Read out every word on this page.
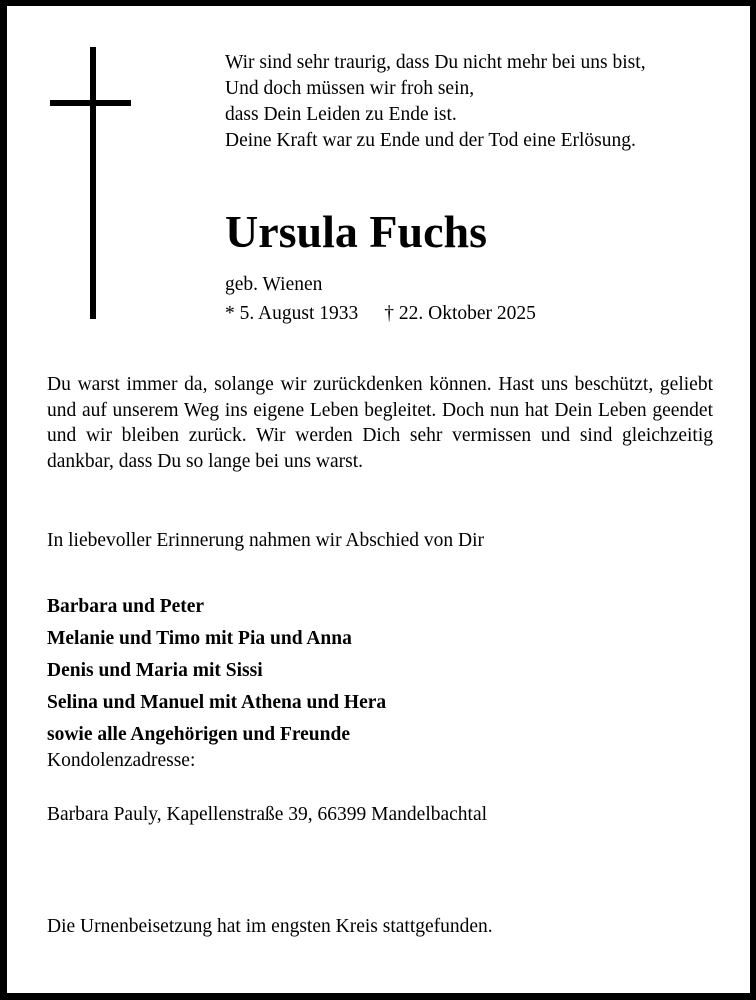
Wir sind sehr traurig, dass Du nicht mehr bei uns bist,
Und doch müssen wir froh sein,
dass Dein Leiden zu Ende ist.
Deine Kraft war zu Ende und der Tod eine Erlösung.
Ursula Fuchs
geb. Wienen
* 5. August 1933 † 22. Oktober 2025
Du warst immer da, solange wir zurückdenken können. Hast uns beschützt, geliebt und auf unserem Weg ins eigene Leben begleitet. Doch nun hat Dein Leben geendet und wir bleiben zurück. Wir werden Dich sehr vermissen und sind gleichzeitig dankbar, dass Du so lange bei uns warst.
In liebevoller Erinnerung nahmen wir Abschied von Dir
Barbara und Peter
Melanie und Timo mit Pia und Anna
Denis und Maria mit Sissi
Selina und Manuel mit Athena und Hera
sowie alle Angehörigen und Freunde
Kondolenzadresse:
Barbara Pauly, Kapellenstraße 39, 66399 Mandelbachtal
Die Urnenbeisetzung hat im engsten Kreis stattgefunden.
